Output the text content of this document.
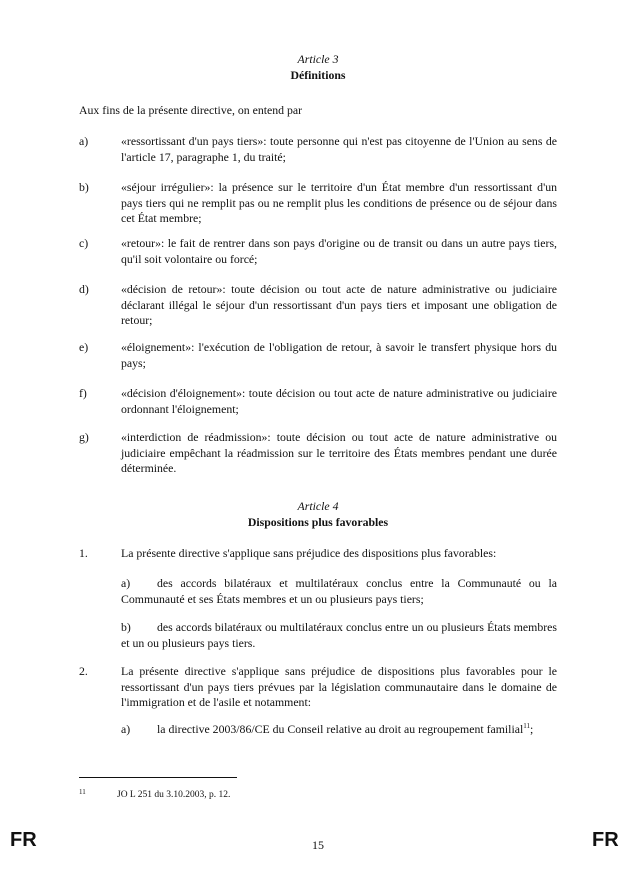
Article 3
Définitions
Aux fins de la présente directive, on entend par
a)	«ressortissant d'un pays tiers»: toute personne qui n'est pas citoyenne de l'Union au sens de l'article 17, paragraphe 1, du traité;
b)	«séjour irrégulier»: la présence sur le territoire d'un État membre d'un ressortissant d'un pays tiers qui ne remplit pas ou ne remplit plus les conditions de présence ou de séjour dans cet État membre;
c)	«retour»: le fait de rentrer dans son pays d'origine ou de transit ou dans un autre pays tiers, qu'il soit volontaire ou forcé;
d)	«décision de retour»: toute décision ou tout acte de nature administrative ou judiciaire déclarant illégal le séjour d'un ressortissant d'un pays tiers et imposant une obligation de retour;
e)	«éloignement»: l'exécution de l'obligation de retour, à savoir le transfert physique hors du pays;
f)	«décision d'éloignement»: toute décision ou tout acte de nature administrative ou judiciaire ordonnant l'éloignement;
g)	«interdiction de réadmission»: toute décision ou tout acte de nature administrative ou judiciaire empêchant la réadmission sur le territoire des États membres pendant une durée déterminée.
Article 4
Dispositions plus favorables
1.	La présente directive s'applique sans préjudice des dispositions plus favorables:
a) des accords bilatéraux et multilatéraux conclus entre la Communauté ou la Communauté et ses États membres et un ou plusieurs pays tiers;
b) des accords bilatéraux ou multilatéraux conclus entre un ou plusieurs États membres et un ou plusieurs pays tiers.
2.	La présente directive s'applique sans préjudice de dispositions plus favorables pour le ressortissant d'un pays tiers prévues par la législation communautaire dans le domaine de l'immigration et de l'asile et notamment:
a) la directive 2003/86/CE du Conseil relative au droit au regroupement familial$^{11}$;
11	JO L 251 du 3.10.2003, p. 12.
FR	15	FR
